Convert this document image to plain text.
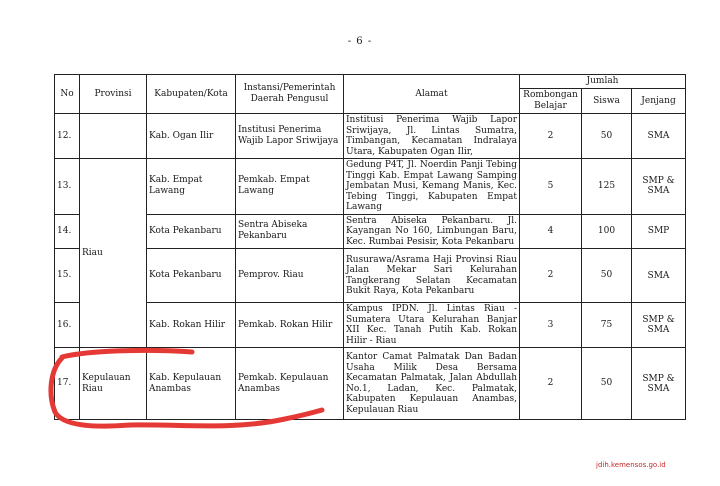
- 6 -
No	Provinsi	Kabupaten/Kota	Instansi/Pemerintah Daerah Pengusul	Alamat	Jumlah		
					Rombongan Belajar	Siswa	Jenjang
12.		Kab. Ogan Ilir	Institusi Penerima Wajib Lapor Sriwijaya	Institusi Penerima Wajib Lapor Sriwijaya, Jl. Lintas Sumatra, Timbangan, Kecamatan Indralaya Utara, Kabupaten Ogan Ilir,	2	50	SMA
13.	Riau	Kab. Empat Lawang	Pemkab. Empat Lawang	Gedung P4T, Jl. Noerdin Panji Tebing Tinggi Kab. Empat Lawang Samping Jembatan Musi, Kemang Manis, Kec. Tebing Tinggi, Kabupaten Empat Lawang	5	125	SMP & SMA
14.		Kota Pekanbaru	Sentra Abiseka Pekanbaru	Sentra Abiseka Pekanbaru. Jl. Kayangan No 160, Limbungan Baru, Kec. Rumbai Pesisir, Kota Pekanbaru	4	100	SMP
15.		Kota Pekanbaru	Pemprov. Riau	Rusurawa/Asrama Haji Provinsi Riau Jalan Mekar Sari Kelurahan Tangkerang Selatan Kecamatan Bukit Raya, Kota Pekanbaru	2	50	SMA
16.		Kab. Rokan Hilir	Pemkab. Rokan Hilir	Kampus IPDN. Jl. Lintas Riau - Sumatera Utara Kelurahan Banjar XII Kec. Tanah Putih Kab. Rokan Hilir - Riau	3	75	SMP & SMA
17.	Kepulauan Riau	Kab. Kepulauan Anambas	Pemkab. Kepulauan Anambas	Kantor Camat Palmatak Dan Badan Usaha Milik Desa Bersama Kecamatan Palmatak, Jalan Abdullah No.1, Ladan, Kec. Palmatak, Kabupaten Kepulauan Anambas, Kepulauan Riau	2	50	SMP & SMA
jdih.kemensos.go.id
